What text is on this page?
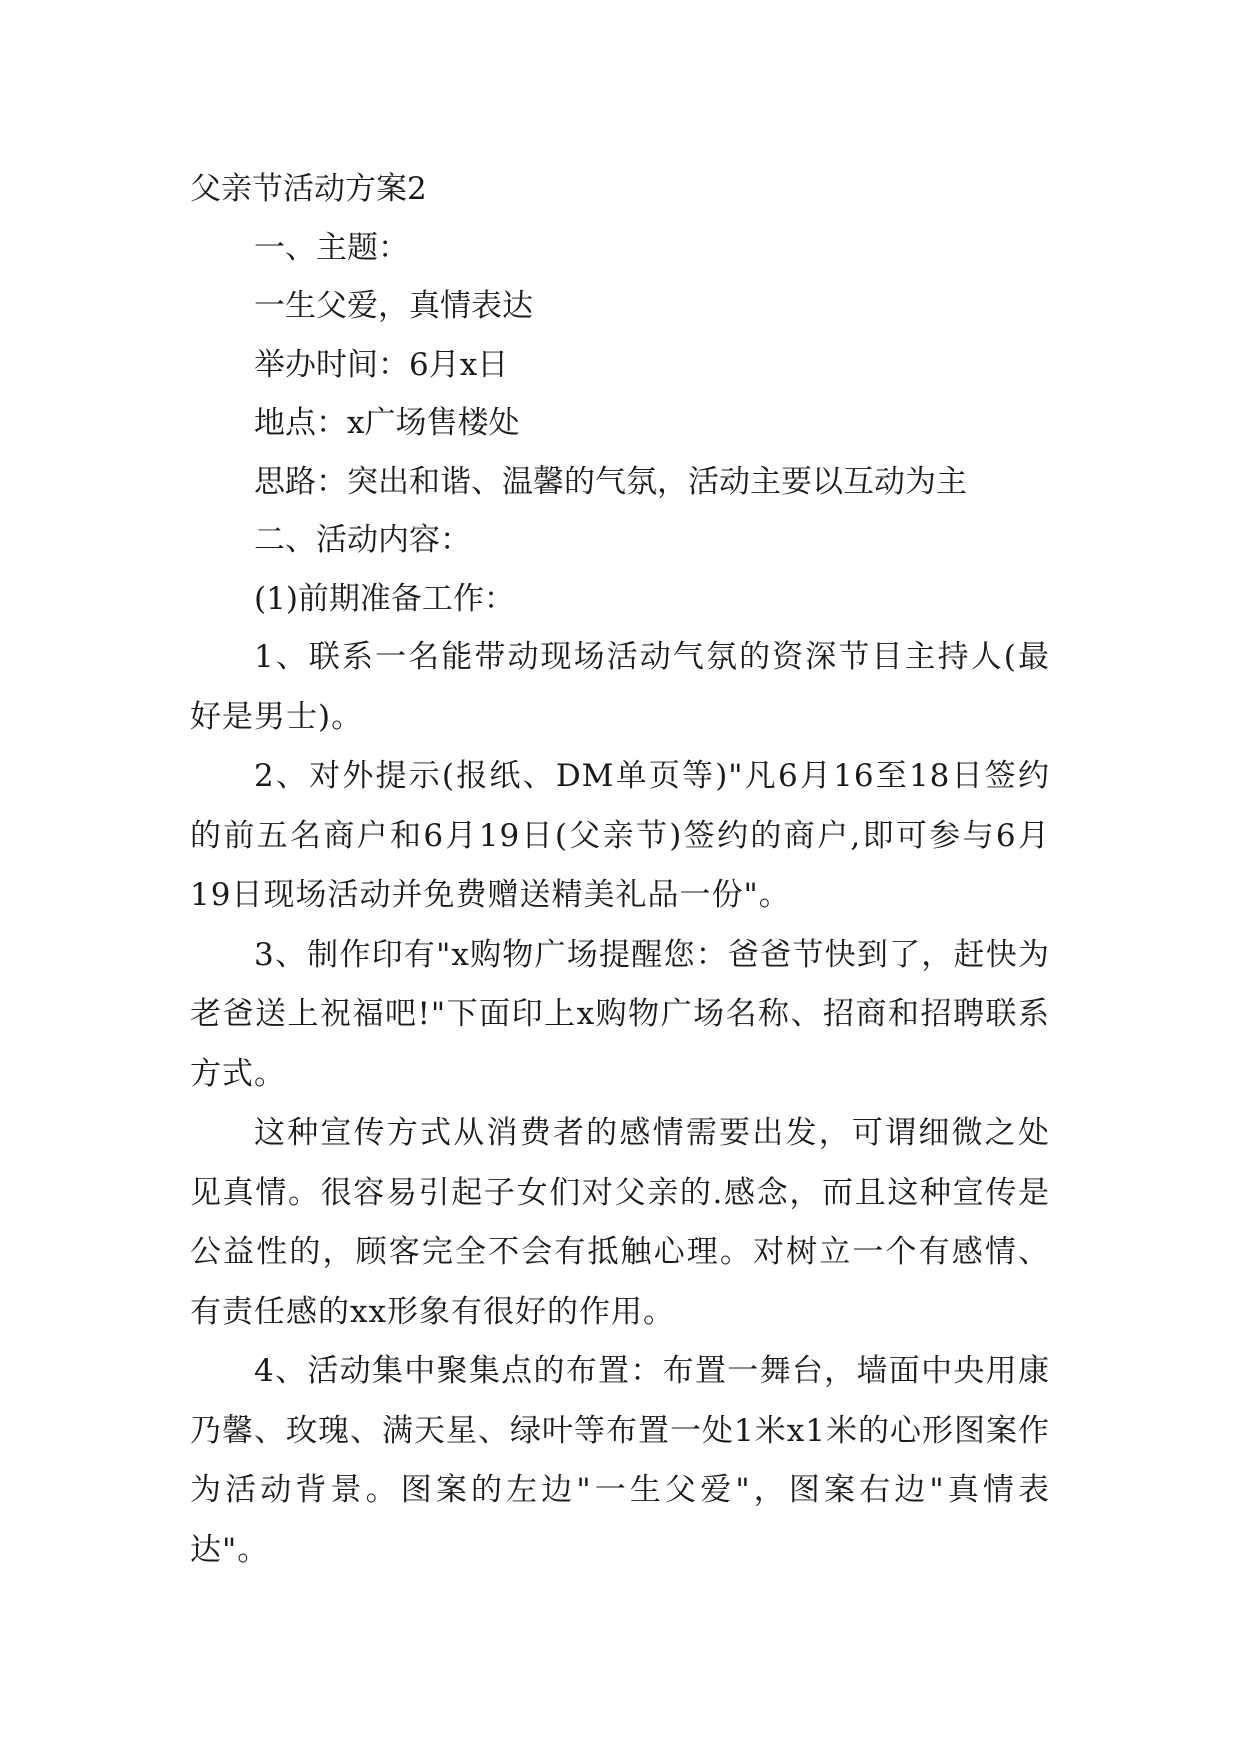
父亲节活动方案2

一、主题：

一生父爱，真情表达

举办时间：6月x日

地点：x广场售楼处

思路：突出和谐、温馨的气氛，活动主要以互动为主

二、活动内容：

(1)前期准备工作：

1、联系一名能带动现场活动气氛的资深节目主持人(最好是男士)。

2、对外提示(报纸、DM单页等)"凡6月16至18日签约的前五名商户和6月19日(父亲节)签约的商户,即可参与6月19日现场活动并免费赠送精美礼品一份"。

3、制作印有"x购物广场提醒您：爸爸节快到了，赶快为老爸送上祝福吧!"下面印上x购物广场名称、招商和招聘联系方式。

这种宣传方式从消费者的感情需要出发，可谓细微之处见真情。很容易引起子女们对父亲的.感念，而且这种宣传是公益性的，顾客完全不会有抵触心理。对树立一个有感情、有责任感的xx形象有很好的作用。

4、活动集中聚集点的布置：布置一舞台，墙面中央用康乃馨、玫瑰、满天星、绿叶等布置一处1米x1米的心形图案作为活动背景。图案的左边"一生父爱"，图案右边"真情表达"。
